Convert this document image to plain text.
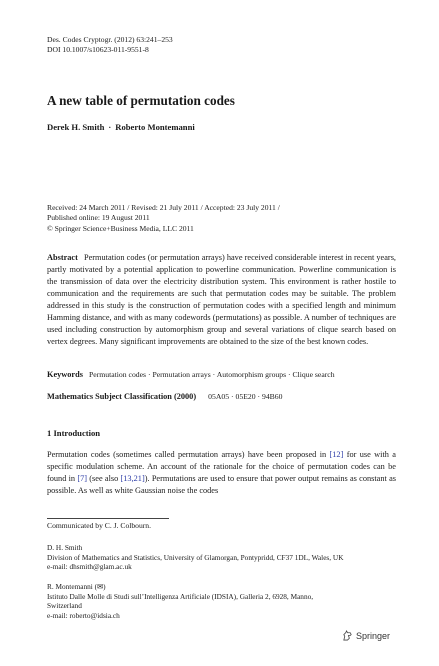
Des. Codes Cryptogr. (2012) 63:241–253
DOI 10.1007/s10623-011-9551-8
A new table of permutation codes
Derek H. Smith · Roberto Montemanni
Received: 24 March 2011 / Revised: 21 July 2011 / Accepted: 23 July 2011 /
Published online: 19 August 2011
© Springer Science+Business Media, LLC 2011
Abstract Permutation codes (or permutation arrays) have received considerable interest in recent years, partly motivated by a potential application to powerline communication. Powerline communication is the transmission of data over the electricity distribution system. This environment is rather hostile to communication and the requirements are such that permutation codes may be suitable. The problem addressed in this study is the construction of permutation codes with a specified length and minimum Hamming distance, and with as many codewords (permutations) as possible. A number of techniques are used including construction by automorphism group and several variations of clique search based on vertex degrees. Many significant improvements are obtained to the size of the best known codes.
Keywords Permutation codes · Permutation arrays · Automorphism groups · Clique search
Mathematics Subject Classification (2000) 05A05 · 05E20 · 94B60
1 Introduction
Permutation codes (sometimes called permutation arrays) have been proposed in [12] for use with a specific modulation scheme. An account of the rationale for the choice of permutation codes can be found in [7] (see also [13,21]). Permutations are used to ensure that power output remains as constant as possible. As well as white Gaussian noise the codes
Communicated by C. J. Colbourn.
D. H. Smith
Division of Mathematics and Statistics, University of Glamorgan, Pontypridd, CF37 1DL, Wales, UK
e-mail: dhsmith@glam.ac.uk
R. Montemanni (✉)
Istituto Dalle Molle di Studi sull’Intelligenza Artificiale (IDSIA), Galleria 2, 6928, Manno,
Switzerland
e-mail: roberto@idsia.ch
Springer
